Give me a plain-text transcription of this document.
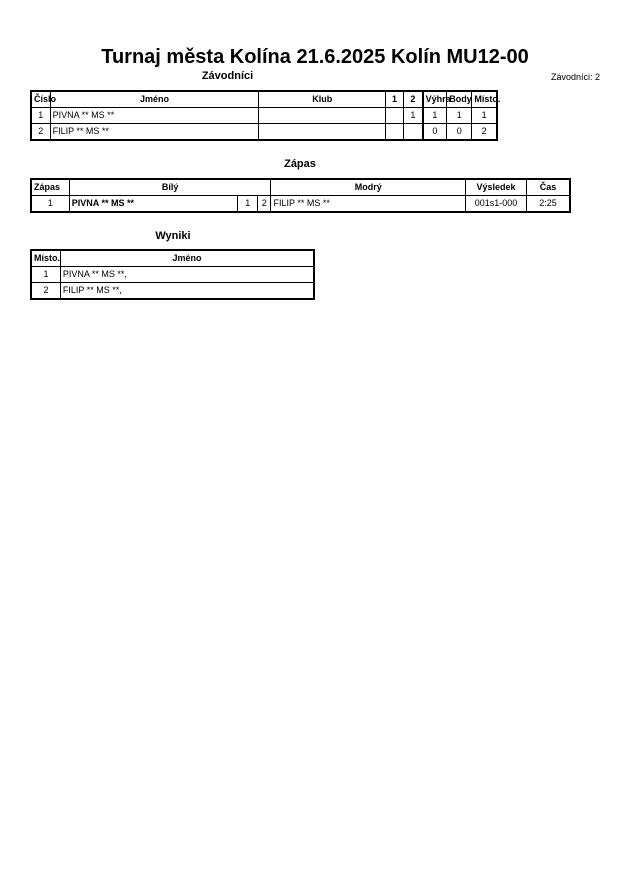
Turnaj města Kolína 21.6.2025 Kolín MU12-00
Závodníci	Závodníci: 2
Číslo	Jméno	Klub	1	2	Výhra	Body	Místo.
1	PIVNA ** MS **			1	1	1	1
2	FILIP ** MS **				0	0	2
Zápas
Zápas	Bílý			Modrý	Výsledek	Čas
1	PIVNA ** MS **	1	2	FILIP ** MS **	001s1-000	2:25
Wyniki
Místo.	Jméno
1	PIVNA ** MS **,
2	FILIP ** MS **,
